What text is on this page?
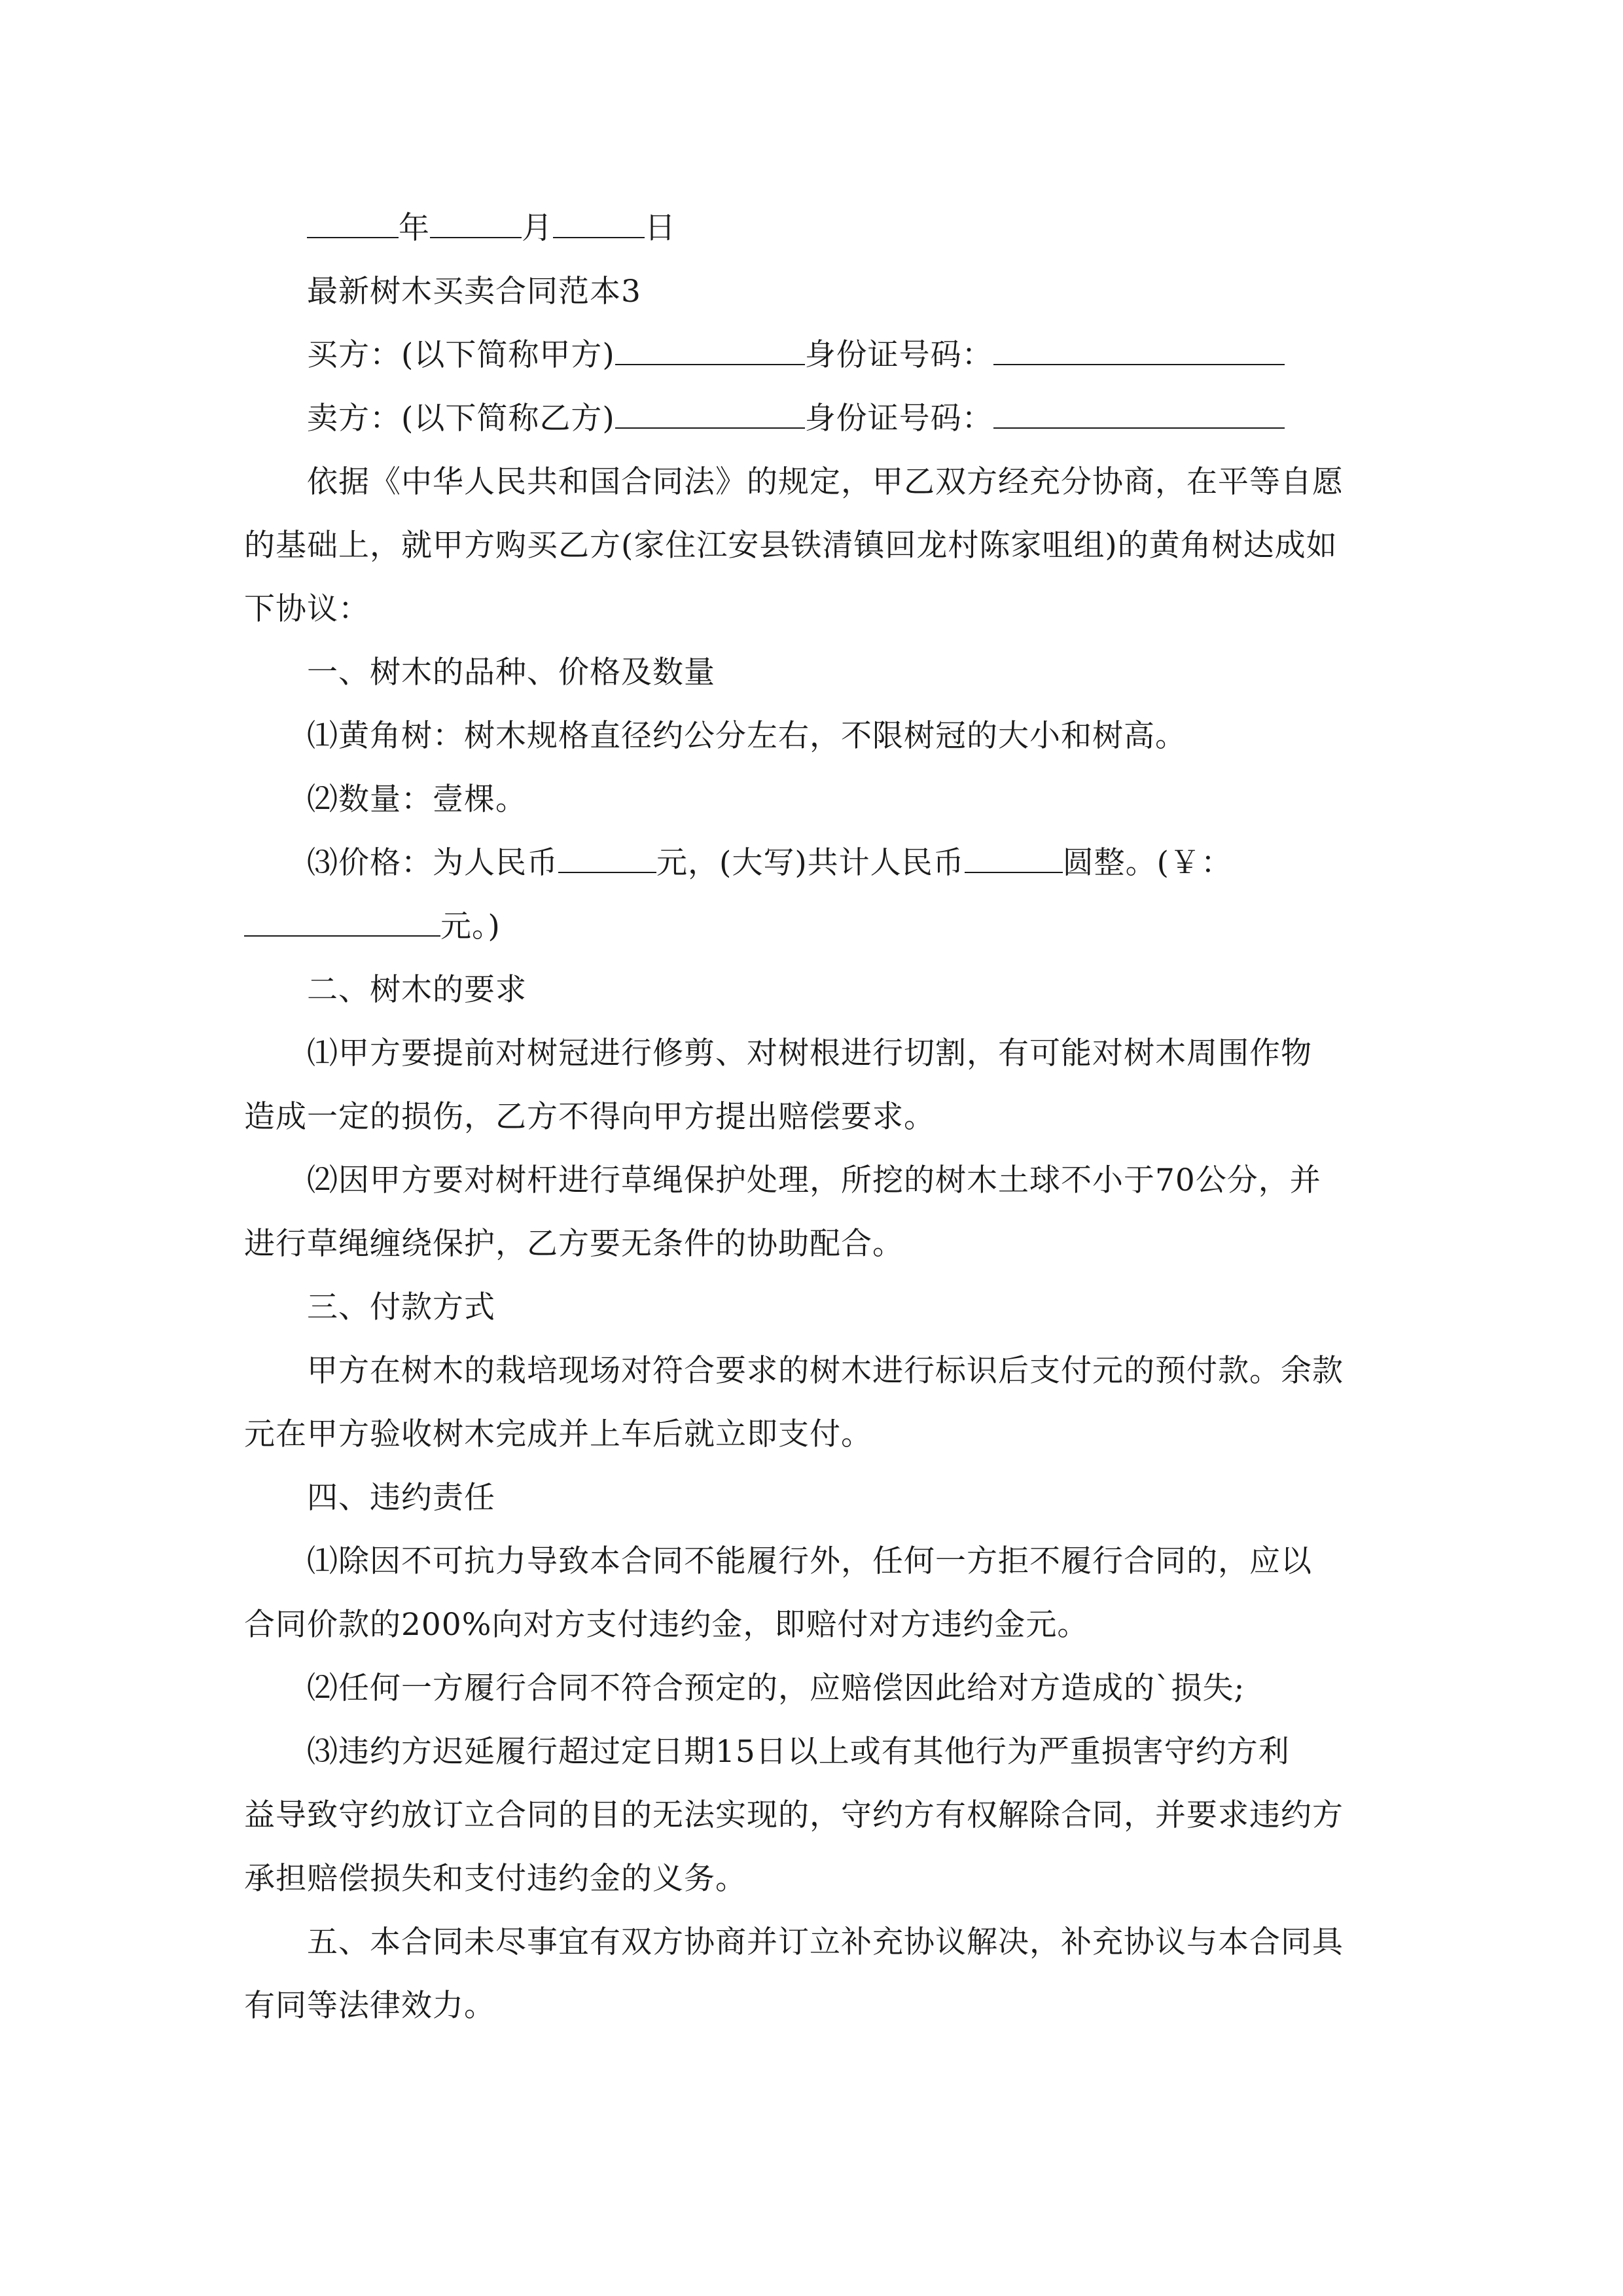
年	月	日
最新树木买卖合同范本3
买方：(以下简称甲方)	身份证号码：
卖方：(以下简称乙方)	身份证号码：
依据《中华人民共和国合同法》的规定，甲乙双方经充分协商，在平等自愿
的基础上，就甲方购买乙方(家住江安县铁清镇回龙村陈家咀组)的黄角树达成如
下协议：
一、树木的品种、价格及数量
⑴黄角树：树木规格直径约公分左右，不限树冠的大小和树高。
⑵数量：壹棵。
⑶价格：为人民币	元，(大写)共计人民币	圆整。(￥：
元。)
二、树木的要求
⑴甲方要提前对树冠进行修剪、对树根进行切割，有可能对树木周围作物
造成一定的损伤，乙方不得向甲方提出赔偿要求。
⑵因甲方要对树杆进行草绳保护处理，所挖的树木土球不小于70公分，并
进行草绳缠绕保护，乙方要无条件的协助配合。
三、付款方式
甲方在树木的栽培现场对符合要求的树木进行标识后支付元的预付款。余款
元在甲方验收树木完成并上车后就立即支付。
四、违约责任
⑴除因不可抗力导致本合同不能履行外，任何一方拒不履行合同的，应以
合同价款的200%向对方支付违约金，即赔付对方违约金元。
⑵任何一方履行合同不符合预定的，应赔偿因此给对方造成的`损失;
⑶违约方迟延履行超过定日期15日以上或有其他行为严重损害守约方利
益导致守约放订立合同的目的无法实现的，守约方有权解除合同，并要求违约方
承担赔偿损失和支付违约金的义务。
五、本合同未尽事宜有双方协商并订立补充协议解决，补充协议与本合同具
有同等法律效力。
